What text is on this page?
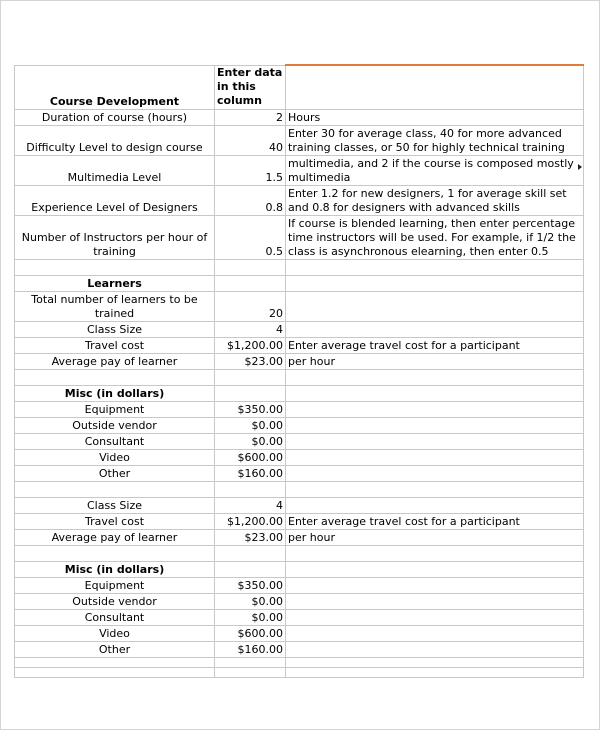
Course Development	Enter data in this column	
Duration of course (hours)	2	Hours

Difficulty Level to design course	40	Enter 30 for average class, 40 for more advanced training classes, or 50 for highly technical training

Multimedia Level	1.5	multimedia, and 2 if the course is composed mostly multimedia

Experience Level of Designers	0.8	Enter 1.2 for new designers, 1 for average skill set and 0.8 for designers with advanced skills

Number of Instructors per hour of training	0.5	If course is blended learning, then enter percentage time instructors will be used. For example, if 1/2 the class is asynchronous elearning, then enter 0.5

Learners		

Total number of learners to be trained	20	

Class Size	4	

Travel cost	$1,200.00	Enter average travel cost for a participant

Average pay of learner	$23.00	per hour

Misc (in dollars)		

Equipment	$350.00	

Outside vendor	$0.00	

Consultant	$0.00	

Video	$600.00	

Other	$160.00	

Class Size	4	

Travel cost	$1,200.00	Enter average travel cost for a participant

Average pay of learner	$23.00	per hour

Misc (in dollars)		

Equipment	$350.00	

Outside vendor	$0.00	

Consultant	$0.00	

Video	$600.00	

Other	$160.00	
